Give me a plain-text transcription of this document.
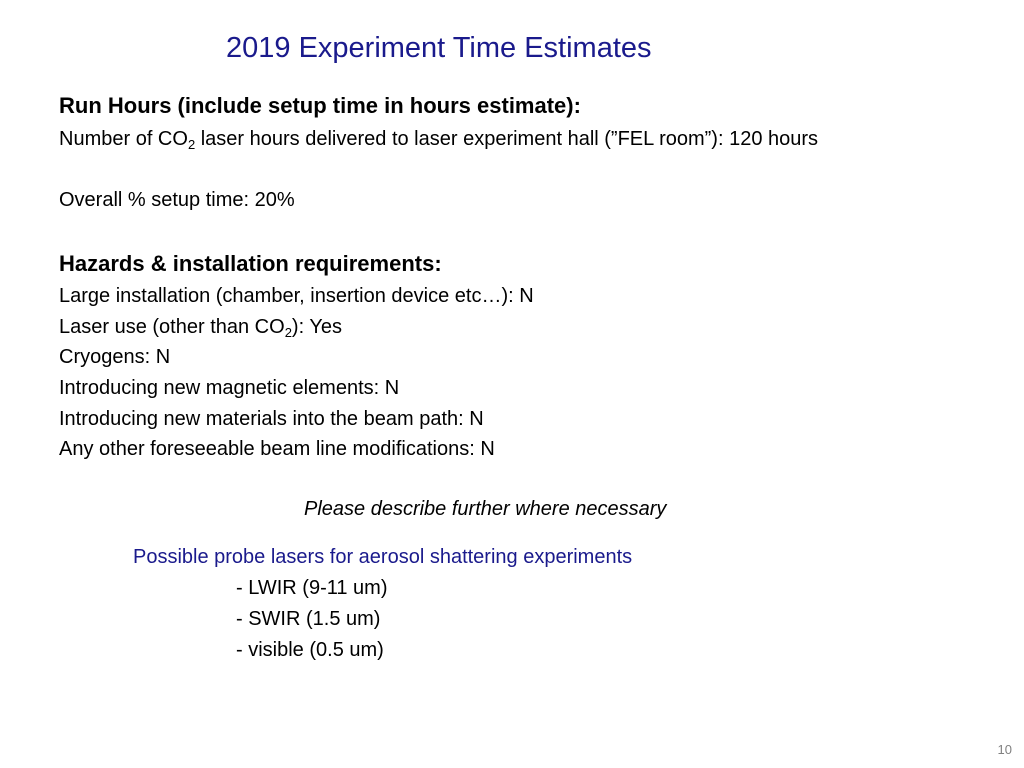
2019 Experiment Time Estimates
Run Hours (include setup time in hours estimate):
Number of $CO_2$ laser hours delivered to laser experiment hall (”FEL room”): 120 hours
Overall % setup time: 20%
Hazards & installation requirements:
Large installation (chamber, insertion device etc…): N
Laser use (other than $CO_2$): Yes
Cryogens: N
Introducing new magnetic elements: N
Introducing new materials into the beam path: N
Any other foreseeable beam line modifications: N
Please describe further where necessary
Possible probe lasers for aerosol shattering experiments
- LWIR (9-11 um)
- SWIR (1.5 um)
- visible (0.5 um)
10
